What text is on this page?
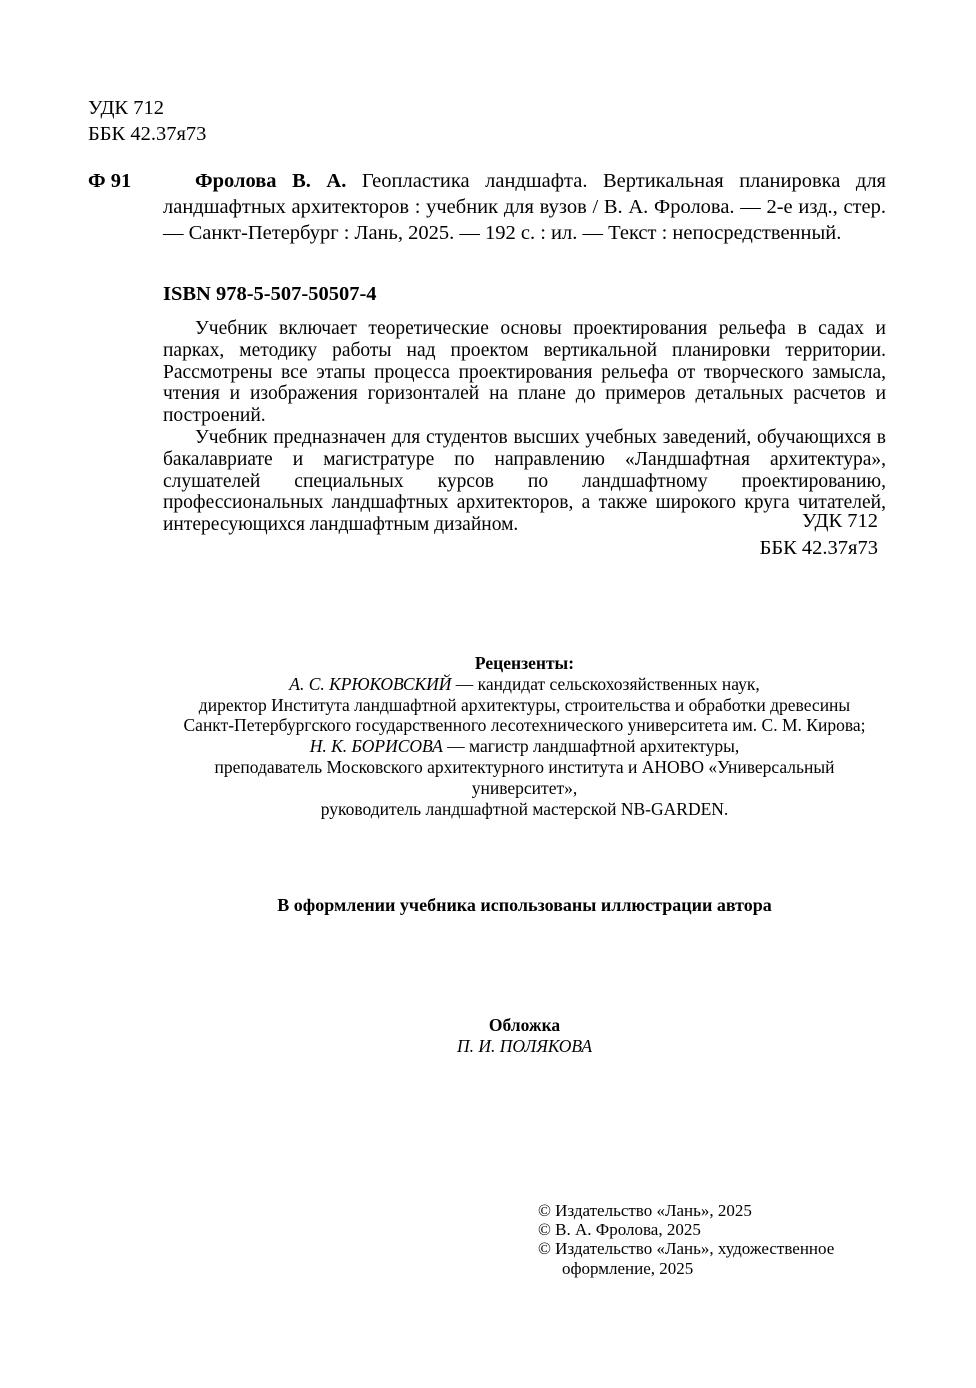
УДК 712
ББК 42.37я73
Ф 91	Фролова В. А. Геопластика ландшафта. Вертикальная планировка для ландшафтных архитекторов : учебник для вузов / В. А. Фролова. — 2-е изд., стер. — Санкт-Петербург : Лань, 2025. — 192 с. : ил. — Текст : непосредственный.

ISBN 978-5-507-50507-4

Учебник включает теоретические основы проектирования рельефа в садах и парках, методику работы над проектом вертикальной планировки территории. Рассмотрены все этапы процесса проектирования рельефа от творческого замысла, чтения и изображения горизонталей на плане до примеров детальных расчетов и построений.

Учебник предназначен для студентов высших учебных заведений, обучающихся в бакалавриате и магистратуре по направлению «Ландшафтная архитектура», слушателей специальных курсов по ландшафтному проектированию, профессиональных ландшафтных архитекторов, а также широкого круга читателей, интересующихся ландшафтным дизайном.	УДК 712
ББК 42.37я73
Рецензенты:
А. С. КРЮКОВСКИЙ — кандидат сельскохозяйственных наук,
директор Института ландшафтной архитектуры, строительства и обработки древесины
Санкт-Петербургского государственного лесотехнического университета им. С. М. Кирова;
Н. К. БОРИСОВА — магистр ландшафтной архитектуры,
преподаватель Московского архитектурного института и АНОВО «Универсальный университет»,
руководитель ландшафтной мастерской NB-GARDEN.
В оформлении учебника использованы иллюстрации автора
Обложка
П. И. ПОЛЯКОВА
© Издательство «Лань», 2025
© В. А. Фролова, 2025
© Издательство «Лань», художественное оформление, 2025
